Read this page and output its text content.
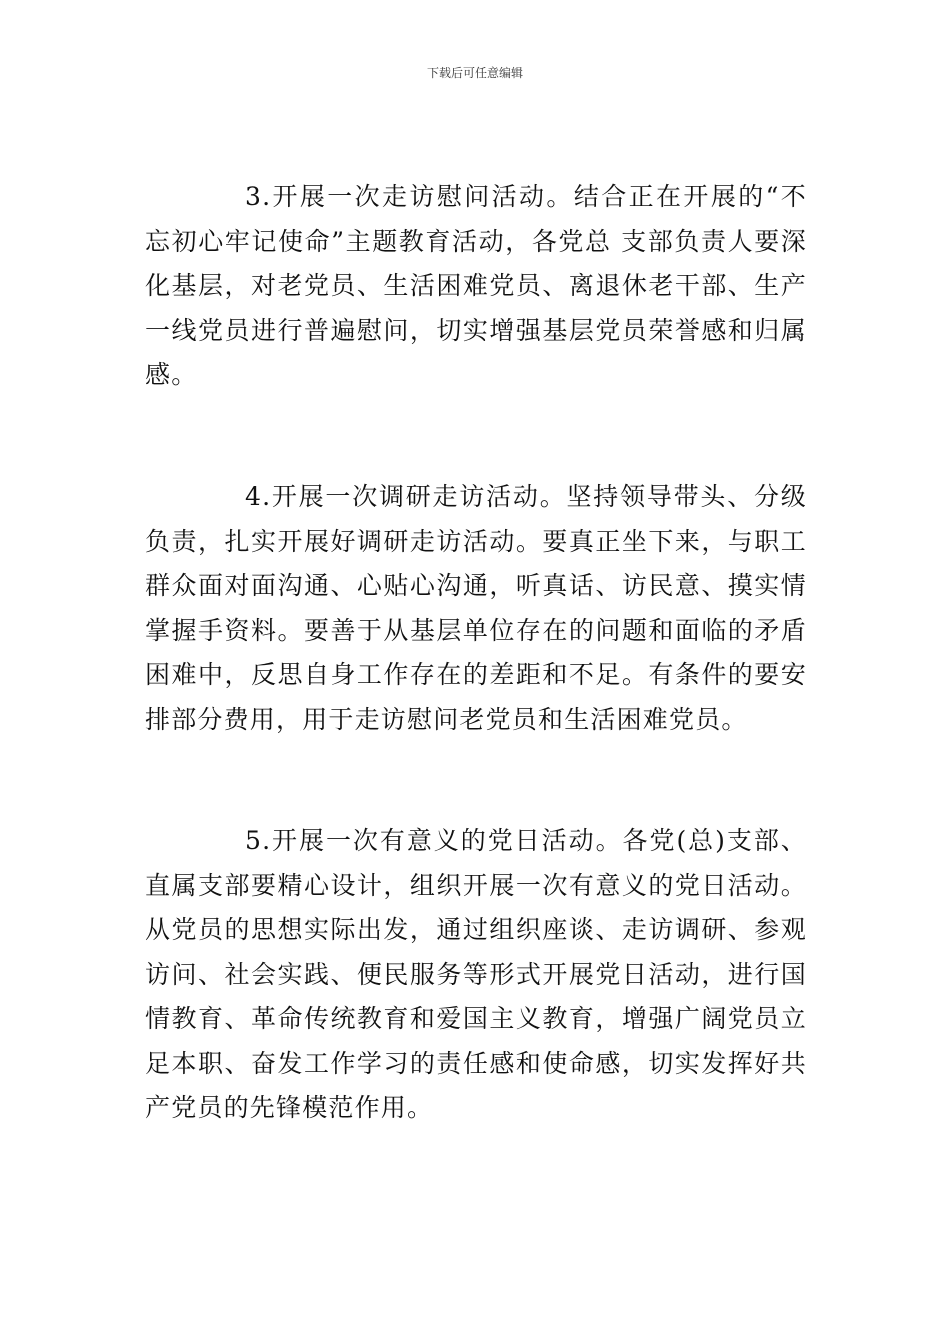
下载后可任意编辑

3.开展一次走访慰问活动。结合正在开展的“不忘初心牢记使命”主题教育活动，各党总 支部负责人要深化基层，对老党员、生活困难党员、离退休老干部、生产一线党员进行普遍慰问，切实增强基层党员荣誉感和归属感。

4.开展一次调研走访活动。坚持领导带头、分级负责，扎实开展好调研走访活动。要真正坐下来，与职工群众面对面沟通、心贴心沟通，听真话、访民意、摸实情掌握手资料。要善于从基层单位存在的问题和面临的矛盾困难中，反思自身工作存在的差距和不足。有条件的要安排部分费用，用于走访慰问老党员和生活困难党员。

5.开展一次有意义的党日活动。各党(总)支部、直属支部要精心设计，组织开展一次有意义的党日活动。从党员的思想实际出发，通过组织座谈、走访调研、参观访问、社会实践、便民服务等形式开展党日活动，进行国情教育、革命传统教育和爱国主义教育，增强广阔党员立足本职、奋发工作学习的责任感和使命感，切实发挥好共产党员的先锋模范作用。
